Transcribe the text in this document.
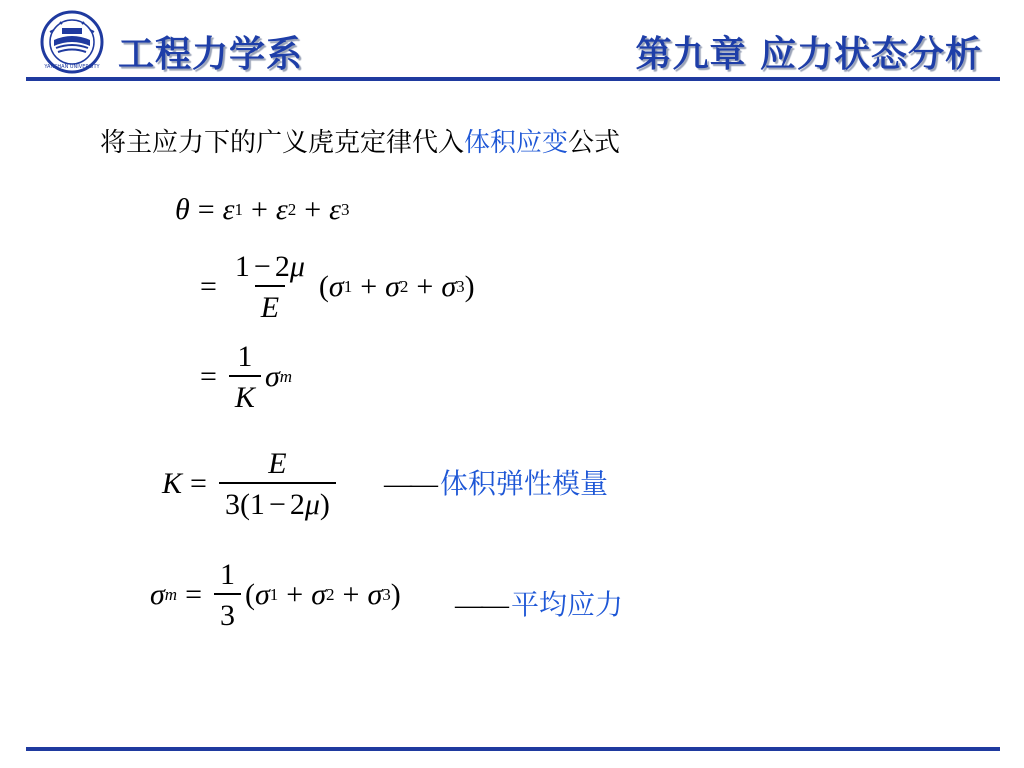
YANSHAN UNIVERSITY 工程力学系	第九章 应力状态分析
将主应力下的广义虎克定律代入体积应变公式
θ = ε 1 + ε 2 + ε 3
= $\frac{1 - 2\mu}{E}$ ( σ 1 + σ 2 + σ 3 )
= $\frac{1}{K}$ σ m
$K = \frac{E}{3(1 - 2\mu)}$ —— 体积弹性模量
σ $m = \frac{1}{3}$ ( σ 1 + σ 2 + σ 3 ) —— 平均应力
